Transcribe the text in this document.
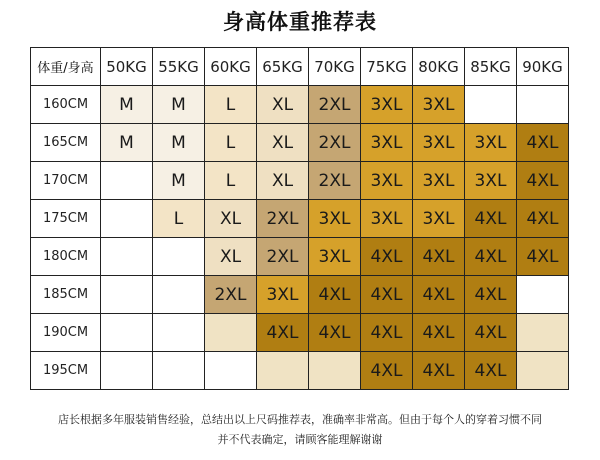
身高体重推荐表
体重/身高	50KG	55KG	60KG	65KG	70KG	75KG	80KG	85KG	90KG
160CM	M	M	L	XL	2XL	3XL	3XL		
165CM	M	M	L	XL	2XL	3XL	3XL	3XL	4XL
170CM		M	L	XL	2XL	3XL	3XL	3XL	4XL
175CM		L	XL	2XL	3XL	3XL	3XL	4XL	4XL
180CM			XL	2XL	3XL	4XL	4XL	4XL	4XL
185CM			2XL	3XL	4XL	4XL	4XL	4XL	
190CM				4XL	4XL	4XL	4XL	4XL	
195CM						4XL	4XL	4XL	
店长根据多年服装销售经验，总结出以上尺码推荐表，准确率非常高。但由于每个人的穿着习惯不同
并不代表确定，请顾客能理解谢谢
